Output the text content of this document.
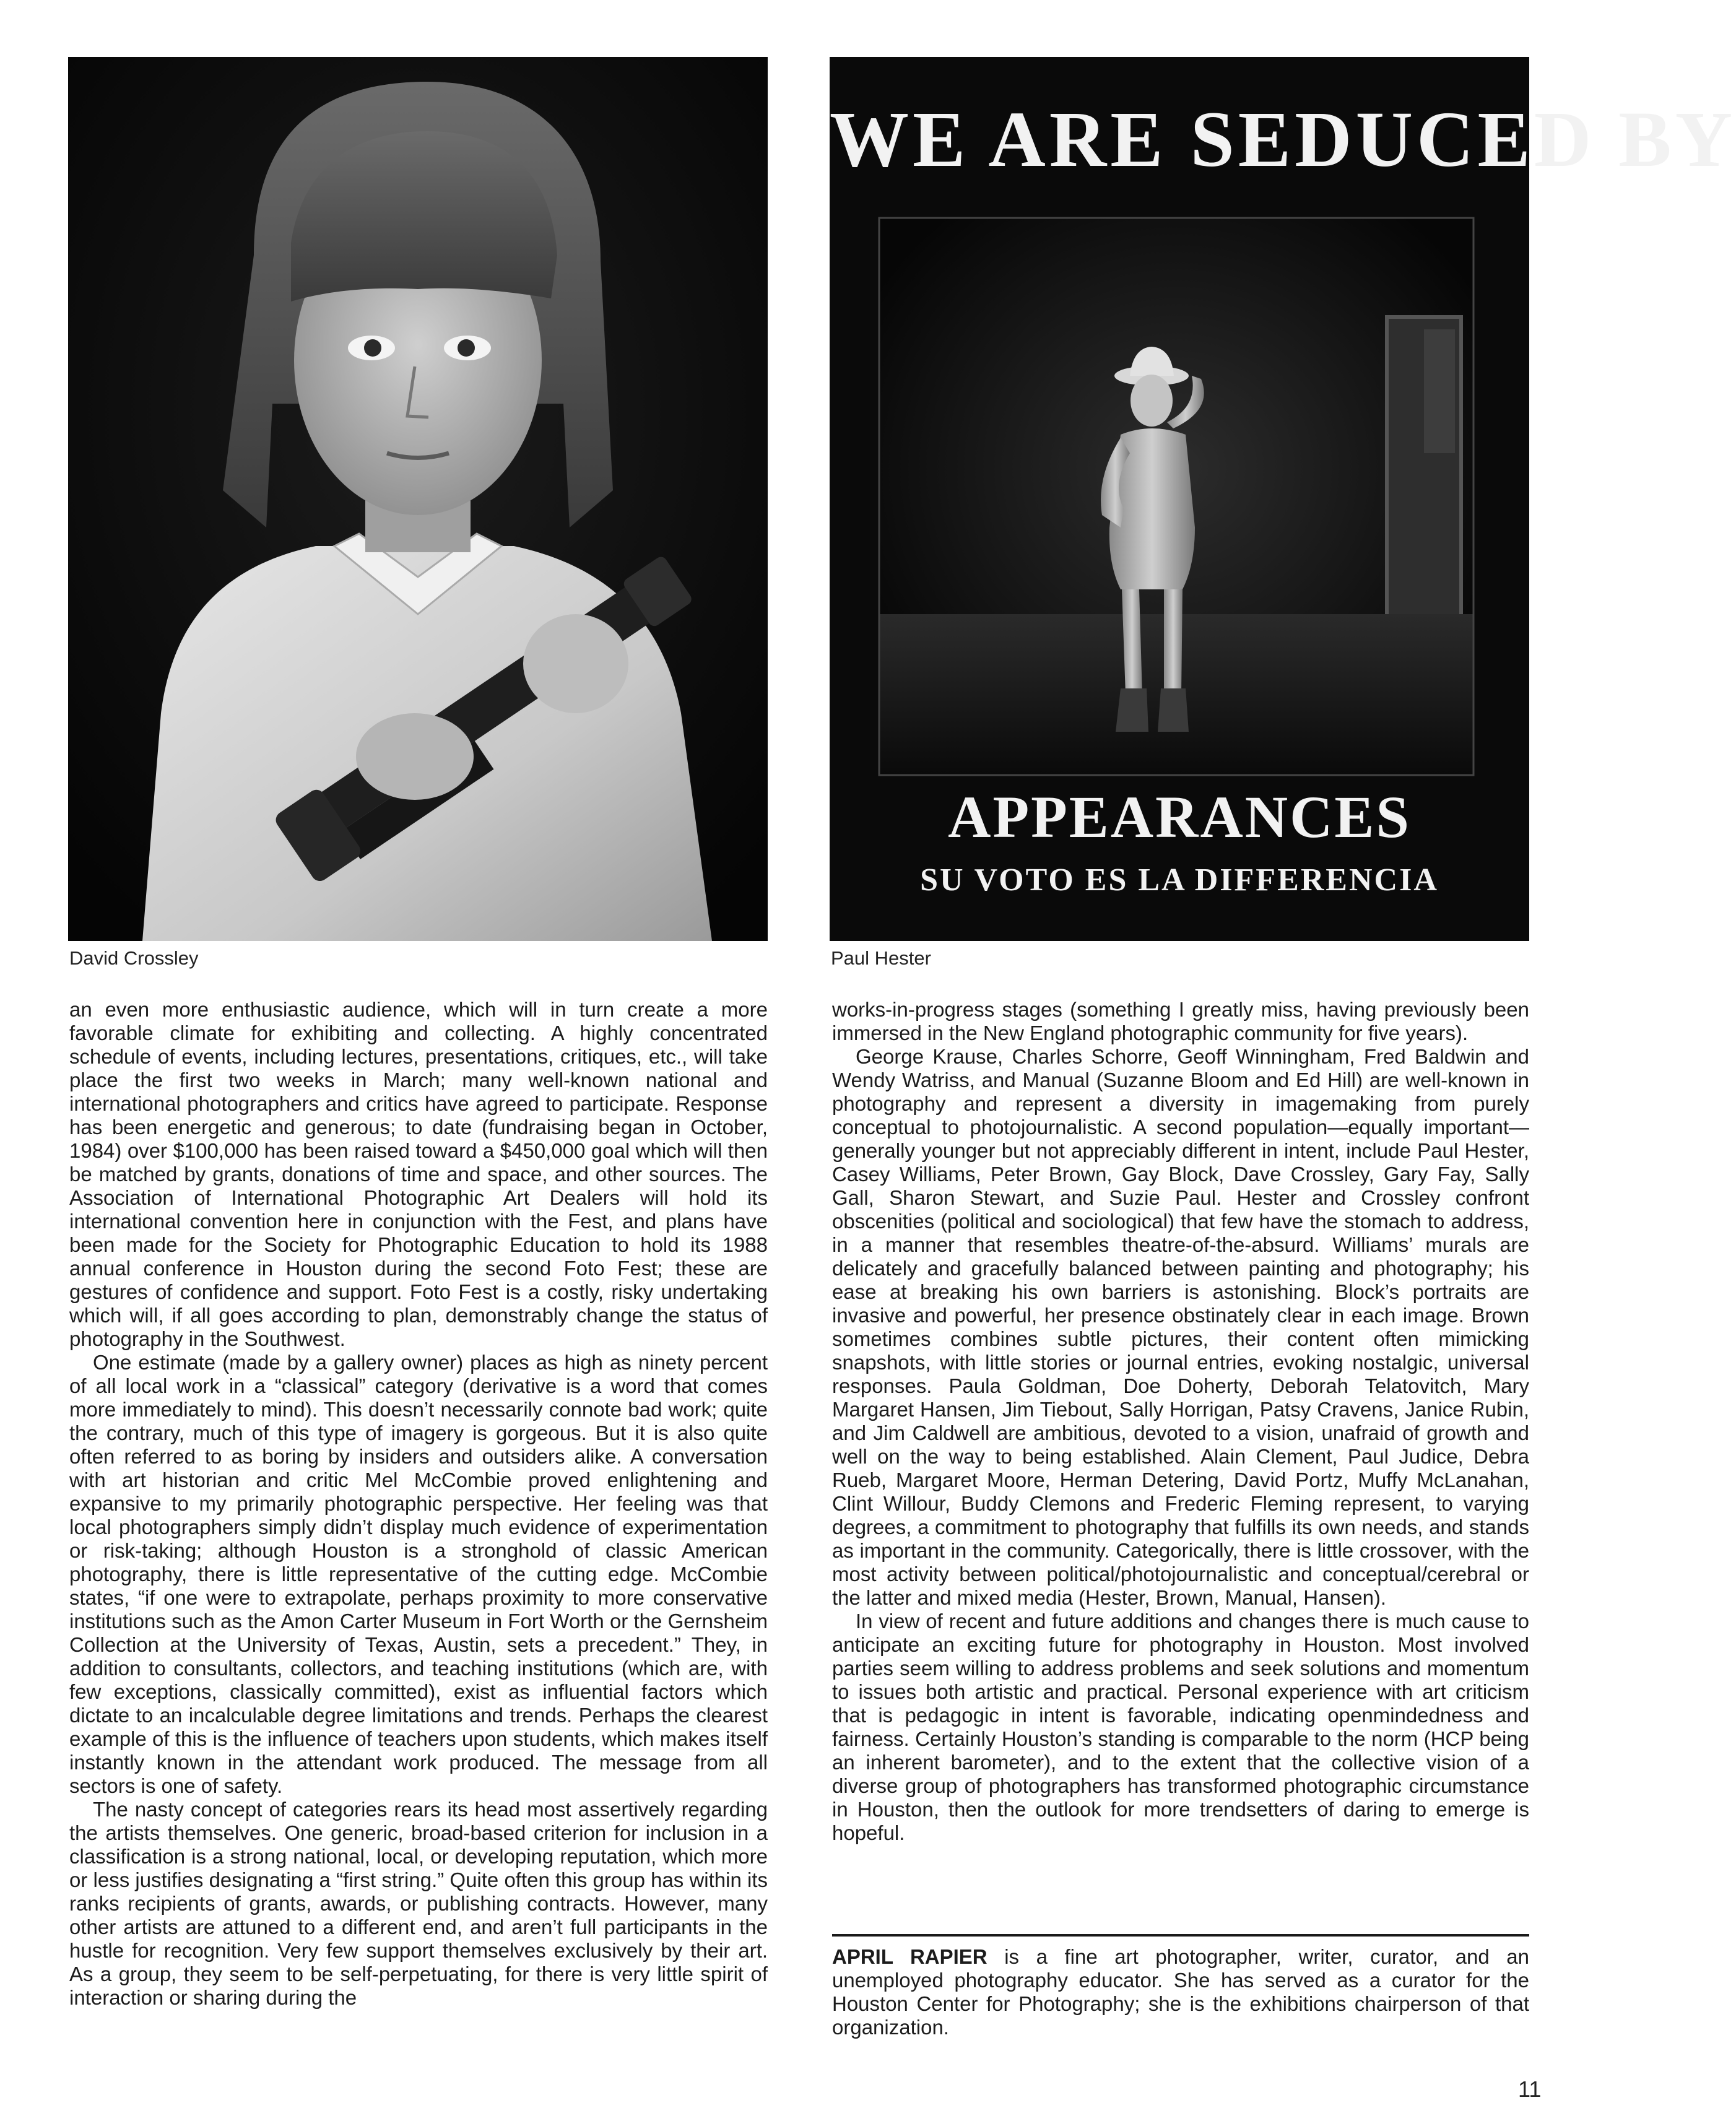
WE ARE SEDUCED BY
APPEARANCES
SU VOTO ES LA DIFFERENCIA
David Crossley	Paul Hester

an even more enthusiastic audience, which will in turn create a more favorable climate for exhibiting and collecting. A highly concentrated schedule of events, including lectures, presentations, critiques, etc., will take place the first two weeks in March; many well-known national and international photographers and critics have agreed to participate. Response has been energetic and generous; to date (fundraising began in October, 1984) over $100,000 has been raised toward a $450,000 goal which will then be matched by grants, donations of time and space, and other sources. The Association of International Photographic Art Dealers will hold its international convention here in conjunction with the Fest, and plans have been made for the Society for Photographic Education to hold its 1988 annual conference in Houston during the second Foto Fest; these are gestures of confidence and support. Foto Fest is a costly, risky undertaking which will, if all goes according to plan, demonstrably change the status of photography in the Southwest.

One estimate (made by a gallery owner) places as high as ninety percent of all local work in a “classical” category (derivative is a word that comes more immediately to mind). This doesn’t necessarily connote bad work; quite the contrary, much of this type of imagery is gorgeous. But it is also quite often referred to as boring by insiders and outsiders alike. A conversation with art historian and critic Mel McCombie proved enlightening and expansive to my primarily photographic perspective. Her feeling was that local photographers simply didn’t display much evidence of experimentation or risk-taking; although Houston is a stronghold of classic American photography, there is little representative of the cutting edge. McCombie states, “if one were to extrapolate, perhaps proximity to more conservative institutions such as the Amon Carter Museum in Fort Worth or the Gernsheim Collection at the University of Texas, Austin, sets a precedent.” They, in addition to consultants, collectors, and teaching institutions (which are, with few exceptions, classically committed), exist as influential factors which dictate to an incalculable degree limitations and trends. Perhaps the clearest example of this is the influence of teachers upon students, which makes itself instantly known in the attendant work produced. The message from all sectors is one of safety.

The nasty concept of categories rears its head most assertively regarding the artists themselves. One generic, broad-based criterion for inclusion in a classification is a strong national, local, or developing reputation, which more or less justifies designating a “first string.” Quite often this group has within its ranks recipients of grants, awards, or publishing contracts. However, many other artists are attuned to a different end, and aren’t full participants in the hustle for recognition. Very few support themselves exclusively by their art. As a group, they seem to be self-perpetuating, for there is very little spirit of interaction or sharing during the

works-in-progress stages (something I greatly miss, having previously been immersed in the New England photographic community for five years).

George Krause, Charles Schorre, Geoff Winningham, Fred Baldwin and Wendy Watriss, and Manual (Suzanne Bloom and Ed Hill) are well-known in photography and represent a diversity in imagemaking from purely conceptual to photojournalistic. A second population—equally important—generally younger but not appreciably different in intent, include Paul Hester, Casey Williams, Peter Brown, Gay Block, Dave Crossley, Gary Fay, Sally Gall, Sharon Stewart, and Suzie Paul. Hester and Crossley confront obscenities (political and sociological) that few have the stomach to address, in a manner that resembles theatre-of-the-absurd. Williams’ murals are delicately and gracefully balanced between painting and photography; his ease at breaking his own barriers is astonishing. Block’s portraits are invasive and powerful, her presence obstinately clear in each image. Brown sometimes combines subtle pictures, their content often mimicking snapshots, with little stories or journal entries, evoking nostalgic, universal responses. Paula Goldman, Doe Doherty, Deborah Telatovitch, Mary Margaret Hansen, Jim Tiebout, Sally Horrigan, Patsy Cravens, Janice Rubin, and Jim Caldwell are ambitious, devoted to a vision, unafraid of growth and well on the way to being established. Alain Clement, Paul Judice, Debra Rueb, Margaret Moore, Herman Detering, David Portz, Muffy McLanahan, Clint Willour, Buddy Clemons and Frederic Fleming represent, to varying degrees, a commitment to photography that fulfills its own needs, and stands as important in the community. Categorically, there is little crossover, with the most activity between political/photojournalistic and conceptual/cerebral or the latter and mixed media (Hester, Brown, Manual, Hansen).

In view of recent and future additions and changes there is much cause to anticipate an exciting future for photography in Houston. Most involved parties seem willing to address problems and seek solutions and momentum to issues both artistic and practical. Personal experience with art criticism that is pedagogic in intent is favorable, indicating openmindedness and fairness. Certainly Houston’s standing is comparable to the norm (HCP being an inherent barometer), and to the extent that the collective vision of a diverse group of photographers has transformed photographic circumstance in Houston, then the outlook for more trendsetters of daring to emerge is hopeful.

APRIL RAPIER is a fine art photographer, writer, curator, and an unemployed photography educator. She has served as a curator for the Houston Center for Photography; she is the exhibitions chairperson of that organization.
11
